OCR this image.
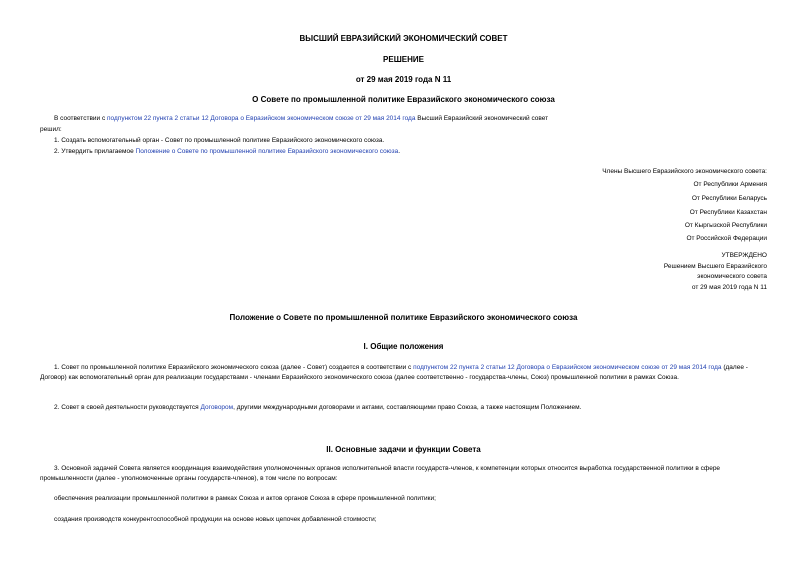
ВЫСШИЙ ЕВРАЗИЙСКИЙ ЭКОНОМИЧЕСКИЙ СОВЕТ
РЕШЕНИЕ
от 29 мая 2019 года N 11
О Совете по промышленной политике Евразийского экономического союза
В соответствии с подпунктом 22 пункта 2 статьи 12 Договора о Евразийском экономическом союзе от 29 мая 2014 года Высший Евразийский экономический совет
решил:
1. Создать вспомогательный орган - Совет по промышленной политике Евразийского экономического союза.
2. Утвердить прилагаемое Положение о Совете по промышленной политике Евразийского экономического союза.
Члены Высшего Евразийского экономического совета:
От Республики Армения
От Республики Беларусь
От Республики Казахстан
От Кыргызской Республики
От Российской Федерации
УТВЕРЖДЕНО
Решением Высшего Евразийского
экономического совета
от 29 мая 2019 года N 11
Положение о Совете по промышленной политике Евразийского экономического союза
I. Общие положения
1. Совет по промышленной политике Евразийского экономического союза (далее - Совет) создается в соответствии с подпунктом 22 пункта 2 статьи 12 Договора о Евразийском экономическом союзе от 29 мая 2014 года (далее - Договор) как вспомогательный орган для реализации государствами - членами Евразийского экономического союза (далее соответственно - государства-члены, Союз) промышленной политики в рамках Союза.
2. Совет в своей деятельности руководствуется Договором, другими международными договорами и актами, составляющими право Союза, а также настоящим Положением.
II. Основные задачи и функции Совета
3. Основной задачей Совета является координация взаимодействия уполномоченных органов исполнительной власти государств-членов, к компетенции которых относится выработка государственной политики в сфере промышленности (далее - уполномоченные органы государств-членов), в том числе по вопросам:
обеспечения реализации промышленной политики в рамках Союза и актов органов Союза в сфере промышленной политики;
создания производств конкурентоспособной продукции на основе новых цепочек добавленной стоимости;
